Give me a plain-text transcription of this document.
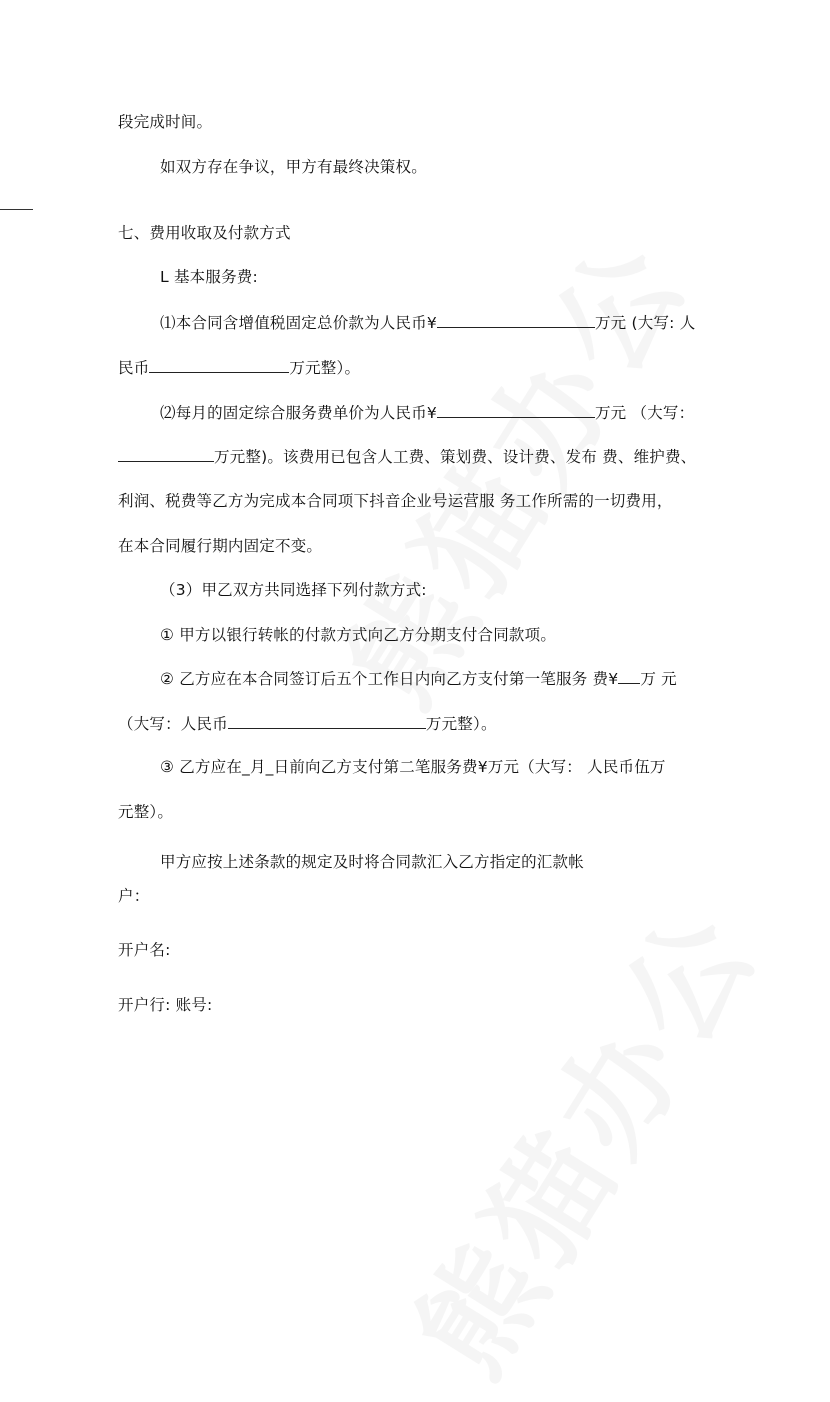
段完成时间。
如双方存在争议，甲方有最终决策权。
七、费用收取及付款方式
L 基本服务费:
⑴本合同含增值税固定总价款为人民币¥	万元 (大写: 人
民币	万元整）。
⑵每月的固定综合服务费单价为人民币¥	万元 （大写：
万元整)。该费用已包含人工费、策划费、设计费、发布 费、维护费、
利润、税费等乙方为完成本合同项下抖音企业号运营服 务工作所需的一切费用，
在本合同履行期内固定不变。
（3）甲乙双方共同选择下列付款方式:
① 甲方以银行转帐的付款方式向乙方分期支付合同款项。
② 乙方应在本合同签订后五个工作日内向乙方支付第一笔服务 费¥ 万 元
（大写：人民币	万元整）。
③ 乙方应在_月_日前向乙方支付第二笔服务费¥万元（大写： 人民币伍万
元整）。
甲方应按上述条款的规定及时将合同款汇入乙方指定的汇款帐
户：
开户名:
开户行: 账号:
